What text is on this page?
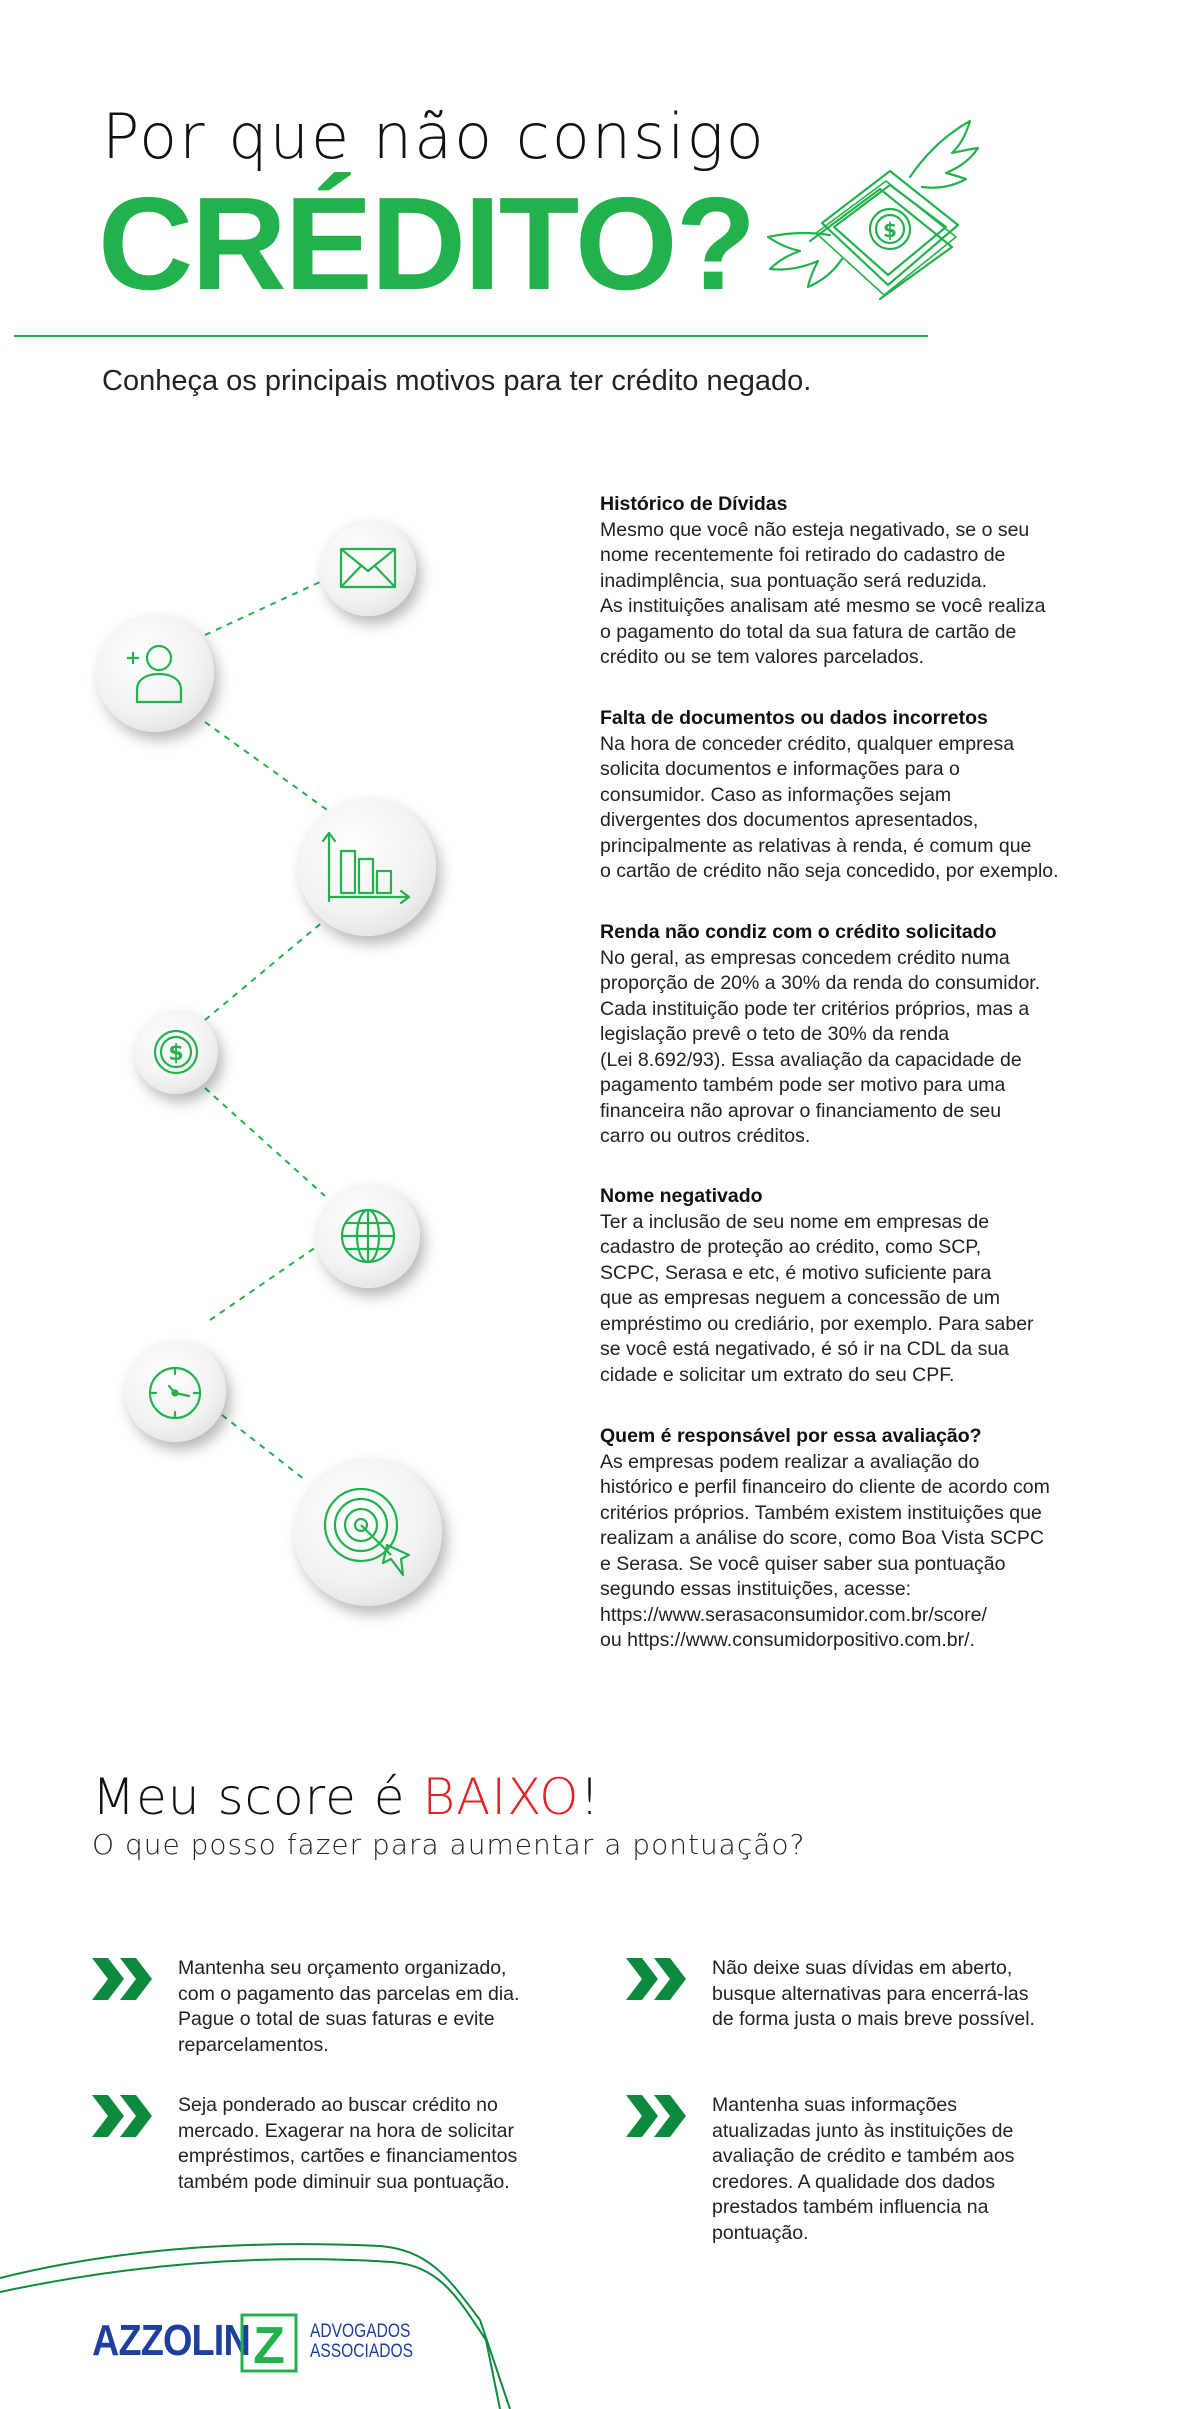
Por que não consigo
CRÉDITO?	$
Conheça os principais motivos para ter crédito negado.
$
Histórico de Dívidas
Mesmo que você não esteja negativado, se o seu
nome recentemente foi retirado do cadastro de
inadimplência, sua pontuação será reduzida.
As instituições analisam até mesmo se você realiza
o pagamento do total da sua fatura de cartão de
crédito ou se tem valores parcelados.
Falta de documentos ou dados incorretos
Na hora de conceder crédito, qualquer empresa
solicita documentos e informações para o
consumidor. Caso as informações sejam
divergentes dos documentos apresentados,
principalmente as relativas à renda, é comum que
o cartão de crédito não seja concedido, por exemplo.
Renda não condiz com o crédito solicitado
No geral, as empresas concedem crédito numa
proporção de 20% a 30% da renda do consumidor.
Cada instituição pode ter critérios próprios, mas a
legislação prevê o teto de 30% da renda
(Lei 8.692/93). Essa avaliação da capacidade de
pagamento também pode ser motivo para uma
financeira não aprovar o financiamento de seu
carro ou outros créditos.
Nome negativado
Ter a inclusão de seu nome em empresas de
cadastro de proteção ao crédito, como SCP,
SCPC, Serasa e etc, é motivo suficiente para
que as empresas neguem a concessão de um
empréstimo ou crediário, por exemplo. Para saber
se você está negativado, é só ir na CDL da sua
cidade e solicitar um extrato do seu CPF.
Quem é responsável por essa avaliação?
As empresas podem realizar a avaliação do
histórico e perfil financeiro do cliente de acordo com
critérios próprios. Também existem instituições que
realizam a análise do score, como Boa Vista SCPC
e Serasa. Se você quiser saber sua pontuação
segundo essas instituições, acesse:
https://www.serasaconsumidor.com.br/score/
ou https://www.consumidorpositivo.com.br/.
Meu score é BAIXO!
O que posso fazer para aumentar a pontuação?
Mantenha seu orçamento organizado,
com o pagamento das parcelas em dia.
Pague o total de suas faturas e evite
reparcelamentos.
Não deixe suas dívidas em aberto,
busque alternativas para encerrá-las
de forma justa o mais breve possível.
Seja ponderado ao buscar crédito no
mercado. Exagerar na hora de solicitar
empréstimos, cartões e financiamentos
também pode diminuir sua pontuação.
Mantenha suas informações
atualizadas junto às instituições de
avaliação de crédito e também aos
credores. A qualidade dos dados
prestados também influencia na
pontuação.
AZZOLIN Z ADVOGADOS
ASSOCIADOS
